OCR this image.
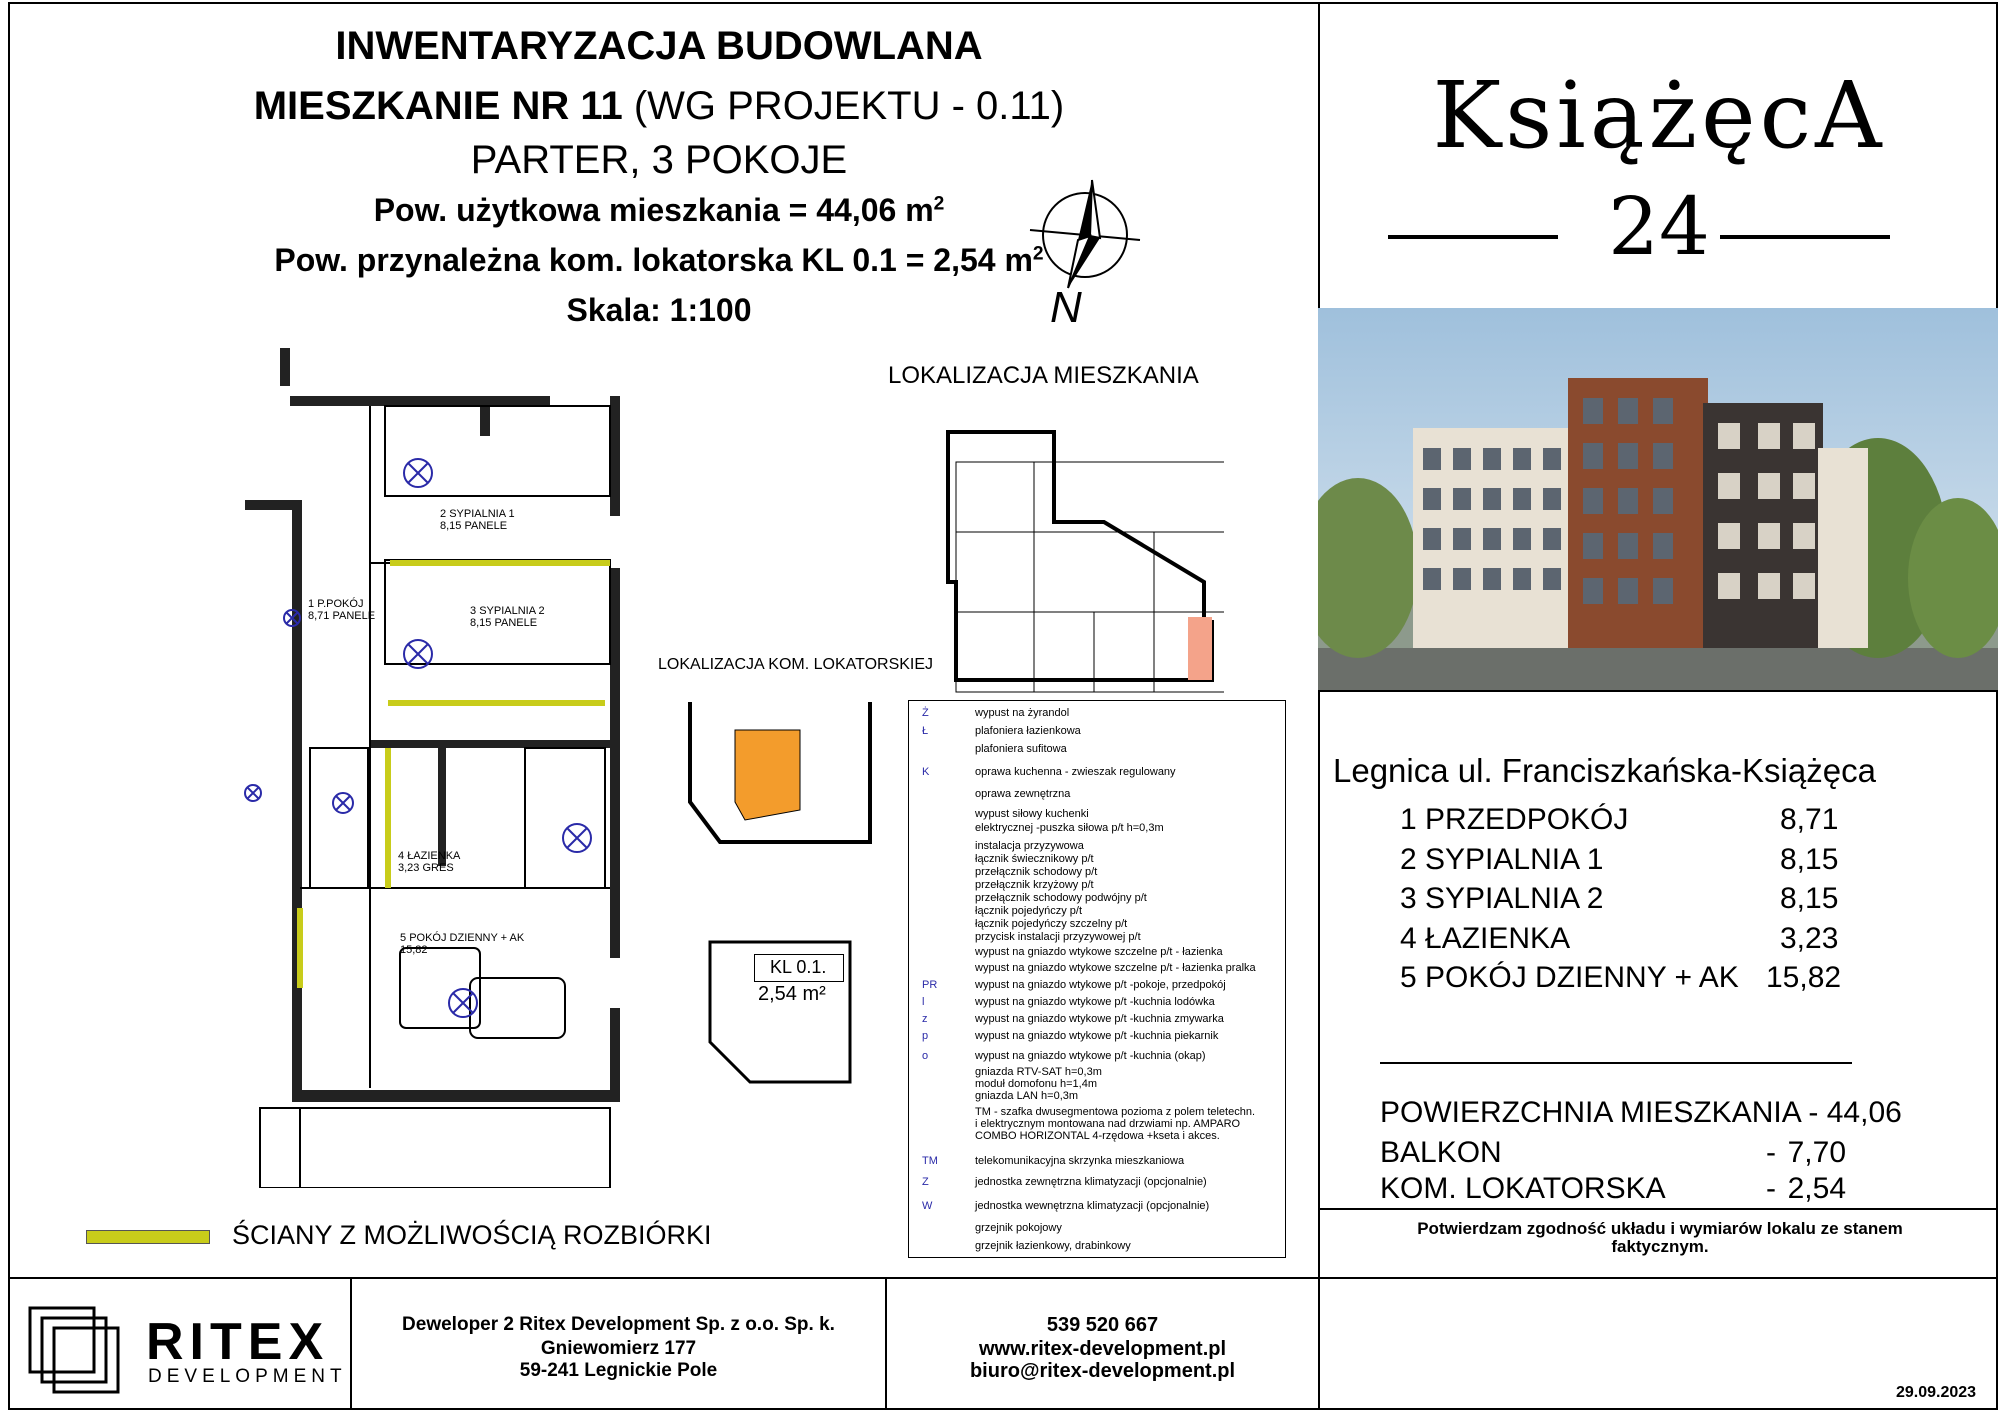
INWENTARYZACJA BUDOWLANA
MIESZKANIE NR 11 (WG PROJEKTU - 0.11)
PARTER, 3 POKOJE
Pow. użytkowa mieszkania = 44,06 $m^2$
Pow. przynależna kom. lokatorska KL 0.1 = 2,54 $m^2$
Skala: 1:100	N
KsiążęcA
24
Legnica ul. Franciszkańska-Książęca
1 PRZEDPOKÓJ	8,71
2 SYPIALNIA 1	8,15
3 SYPIALNIA 2	8,15
4 ŁAZIENKA	3,23
5 POKÓJ DZIENNY + AK 15,82
POWIERZCHNIA MIESZKANIA - 44,06
BALKON	- 7,70
KOM. LOKATORSKA	- 2,54
Potwierdzam zgodność układu i wymiarów lokalu ze stanem faktycznym.
2 SYPIALNIA 1
8,15 PANELE
1 P.POKÓJ
8,71 PANELE	3 SYPIALNIA 2
8,15 PANELE
4 ŁAZIENKA
3,23 GRES
5 POKÓJ DZIENNY + AK
15,82
ŚCIANY Z MOŻLIWOŚCIĄ ROZBIÓRKI
LOKALIZACJA MIESZKANIA
LOKALIZACJA KOM. LOKATORSKIEJ
KL 0.1.
2,54 m²
wypust na żyrandol
Ż
plafoniera łazienkowa
Ł
plafoniera sufitowa
oprawa kuchenna - zwieszak regulowany
K
oprawa zewnętrzna
wypust siłowy kuchenki
elektrycznej -puszka siłowa p/t h=0,3m
instalacja przyzywowa
łącznik świecznikowy p/t
przełącznik schodowy p/t
przełącznik krzyżowy p/t
przełącznik schodowy podwójny p/t
łącznik pojedyńczy p/t
łącznik pojedyńczy szczelny p/t
przycisk instalacji przyzywowej p/t
wypust na gniazdo wtykowe szczelne p/t - łazienka
wypust na gniazdo wtykowe szczelne p/t - łazienka pralka
wypust na gniazdo wtykowe p/t -pokoje, przedpokój
PR
wypust na gniazdo wtykowe p/t -kuchnia lodówka
l
wypust na gniazdo wtykowe p/t -kuchnia zmywarka
z
wypust na gniazdo wtykowe p/t -kuchnia piekarnik
p
wypust na gniazdo wtykowe p/t -kuchnia (okap)
o
gniazda RTV-SAT h=0,3m
moduł domofonu h=1,4m
gniazda LAN h=0,3m
TM - szafka dwusegmentowa pozioma z polem teletechn.
i elektrycznym montowana nad drzwiami np. AMPARO
COMBO HORIZONTAL 4-rzędowa +kseta i akces.
telekomunikacyjna skrzynka mieszkaniowa
TM
jednostka zewnętrzna klimatyzacji (opcjonalnie)
Z
jednostka wewnętrzna klimatyzacji (opcjonalnie)
W
grzejnik pokojowy
grzejnik łazienkowy, drabinkowy
RITEX
DEVELOPMENT
Deweloper 2 Ritex Development Sp. z o.o. Sp. k.
Gniewomierz 177
59-241 Legnickie Pole
539 520 667
www.ritex-development.pl
biuro@ritex-development.pl
29.09.2023
